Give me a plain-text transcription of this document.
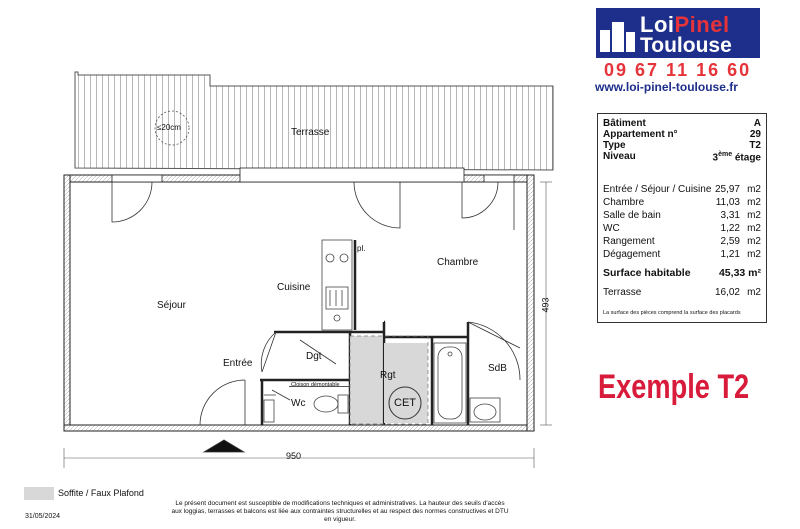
Terrasse
≤20cm
Séjour
Cuisine
Chambre
pl.
Entrée
Dgt
Rgt
CET
SdB
Wc
Cloison démontable
950
493
LoiPinel
Toulouse
09 67 11 16 60
www.loi-pinel-toulouse.fr
Bâtiment	A
Appartement n°	29
Type	T2
Niveau	3ème étage
Entrée / Séjour / Cuisine 25,97 m2
Chambre	11,03 m2
Salle de bain	3,31 m2
WC	1,22 m2
Rangement	2,59 m2
Dégagement	1,21 m2
Surface habitable	45,33 m²
Terrasse	16,02 m2
La surface des pièces comprend la surface des placards
Exemple T2
Soffite / Faux Plafond
31/05/2024
Le présent document est susceptible de modifications techniques et administratives. La hauteur des seuils d'accès aux loggias, terrasses et balcons est liée aux contraintes structurelles et au respect des normes constructives et DTU en vigueur.
